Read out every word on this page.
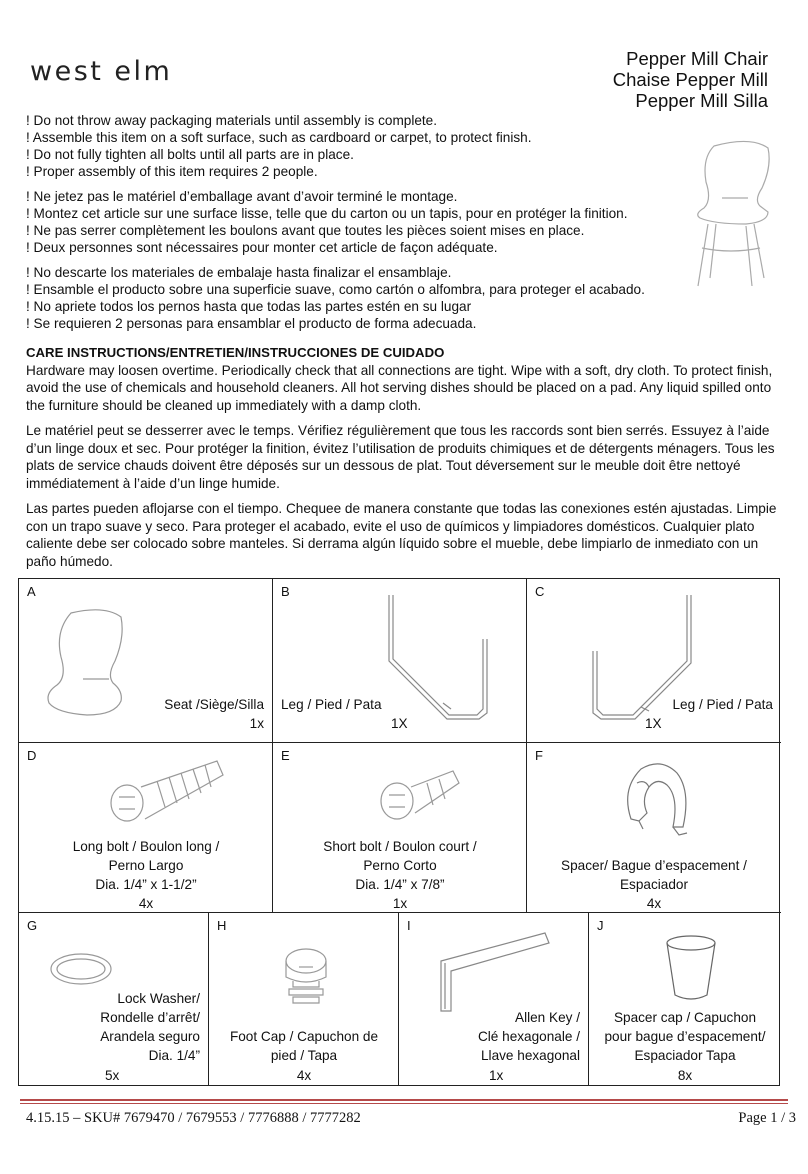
west elm	Pepper Mill Chair
Chaise Pepper Mill
Pepper Mill Silla
! Do not throw away packaging materials until assembly is complete.
! Assemble this item on a soft surface, such as cardboard or carpet, to protect finish.
! Do not fully tighten all bolts until all parts are in place.
! Proper assembly of this item requires 2 people.
! Ne jetez pas le matériel d’emballage avant d’avoir terminé le montage.
! Montez cet article sur une surface lisse, telle que du carton ou un tapis, pour en protéger la finition.
! Ne pas serrer complètement les boulons avant que toutes les pièces soient mises en place.
! Deux personnes sont nécessaires pour monter cet article de façon adéquate.
! No descarte los materiales de embalaje hasta finalizar el ensamblaje.
! Ensamble el producto sobre una superficie suave, como cartón o alfombra, para proteger el acabado.
! No apriete todos los pernos hasta que todas las partes estén en su lugar
! Se requieren 2 personas para ensamblar el producto de forma adecuada.
CARE INSTRUCTIONS/ENTRETIEN/INSTRUCCIONES DE CUIDADO

Hardware may loosen overtime. Periodically check that all connections are tight. Wipe with a soft, dry cloth. To protect finish, avoid the use of chemicals and household cleaners. All hot serving dishes should be placed on a pad. Any liquid spilled onto the furniture should be cleaned up immediately with a damp cloth.

Le matériel peut se desserrer avec le temps. Vérifiez régulièrement que tous les raccords sont bien serrés. Essuyez à l’aide d’un linge doux et sec. Pour protéger la finition, évitez l’utilisation de produits chimiques et de détergents ménagers. Tous les plats de service chauds doivent être déposés sur un dessous de plat. Tout déversement sur le meuble doit être nettoyé immédiatement à l’aide d’un linge humide.

Las partes pueden aflojarse con el tiempo. Chequee de manera constante que todas las conexiones estén ajustadas. Limpie con un trapo suave y seco. Para proteger el acabado, evite el uso de químicos y limpiadores domésticos. Cualquier plato caliente debe ser colocado sobre manteles. Si derrama algún líquido sobre el mueble, debe limpiarlo de inmediato con un paño húmedo.

A
Seat /Siège/Silla
1x
B
Leg / Pied / Pata
1X
C
Leg / Pied / Pata
1X
D
Long bolt / Boulon long /
Perno Largo
Dia. 1/4” x 1-1/2”
4x
E
Short bolt / Boulon court /
Perno Corto
Dia. 1/4” x 7/8”
1x
F
Spacer/ Bague d’espacement /
Espaciador
4x
G
Lock Washer/
Rondelle d’arrêt/
Arandela seguro
Dia. 1/4”
5x
H
Foot Cap / Capuchon de
pied / Tapa
4x
I
Allen Key /
Clé hexagonale /
Llave hexagonal
1x
J
Spacer cap / Capuchon
pour bague d’espacement/
Espaciador Tapa
8x
4.15.15 – SKU# 7679470 / 7679553 / 7776888 / 7777282	Page 1 / 3
